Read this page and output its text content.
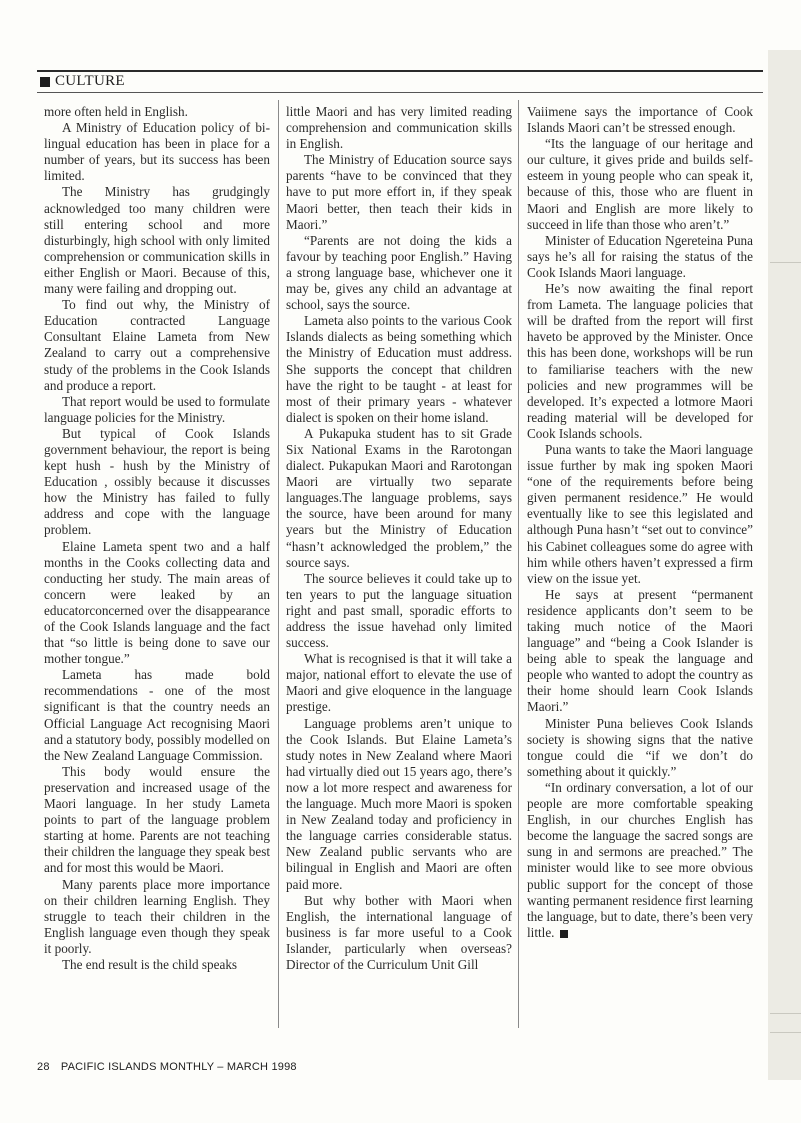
CULTURE

more often held in English.

A Ministry of Education policy of bi-lingual education has been in place for a number of years, but its success has been limited.

The Ministry has grudgingly acknowledged too many children were still entering school and more disturbingly, high school with only limited comprehension or communication skills in either English or Maori. Because of this, many were failing and dropping out.

To find out why, the Ministry of Education contracted Language Consultant Elaine Lameta from New Zealand to carry out a comprehensive study of the problems in the Cook Islands and produce a report.

That report would be used to formulate language policies for the Ministry.

But typical of Cook Islands government behaviour, the report is being kept hush - hush by the Ministry of Education , ossibly because it discusses how the Ministry has failed to fully address and cope with the language problem.

Elaine Lameta spent two and a half months in the Cooks collecting data and conducting her study. The main areas of concern were leaked by an educatorconcerned over the disappearance of the Cook Islands language and the fact that “so little is being done to save our mother tongue.”

Lameta has made bold recommendations - one of the most significant is that the country needs an Official Language Act recognising Maori and a statutory body, possibly modelled on the New Zealand Language Commission.

This body would ensure the preservation and increased usage of the Maori language. In her study Lameta points to part of the language problem starting at home. Parents are not teaching their children the language they speak best and for most this would be Maori.

Many parents place more importance on their children learning English. They struggle to teach their children in the English language even though they speak it poorly.

The end result is the child speaks

little Maori and has very limited reading comprehension and communication skills in English.

The Ministry of Education source says parents “have to be convinced that they have to put more effort in, if they speak Maori better, then teach their kids in Maori.”

“Parents are not doing the kids a favour by teaching poor English.” Having a strong language base, whichever one it may be, gives any child an advantage at school, says the source.

Lameta also points to the various Cook Islands dialects as being something which the Ministry of Education must address. She supports the concept that children have the right to be taught - at least for most of their primary years - whatever dialect is spoken on their home island.

A Pukapuka student has to sit Grade Six National Exams in the Rarotongan dialect. Pukapukan Maori and Rarotongan Maori are virtually two separate languages.The language problems, says the source, have been around for many years but the Ministry of Education “hasn’t acknowledged the problem,” the source says.

The source believes it could take up to ten years to put the language situation right and past small, sporadic efforts to address the issue havehad only limited success.

What is recognised is that it will take a major, national effort to elevate the use of Maori and give eloquence in the language prestige.

Language problems aren’t unique to the Cook Islands. But Elaine Lameta’s study notes in New Zealand where Maori had virtually died out 15 years ago, there’s now a lot more respect and awareness for the language. Much more Maori is spoken in New Zealand today and proficiency in the language carries considerable status. New Zealand public servants who are bilingual in English and Maori are often paid more.

But why bother with Maori when English, the international language of business is far more useful to a Cook Islander, particularly when overseas? Director of the Curriculum Unit Gill

Vaiimene says the importance of Cook Islands Maori can’t be stressed enough.

“Its the language of our heritage and our culture, it gives pride and builds self-esteem in young people who can speak it, because of this, those who are fluent in Maori and English are more likely to succeed in life than those who aren’t.”

Minister of Education Ngereteina Puna says he’s all for raising the status of the Cook Islands Maori language.

He’s now awaiting the final report from Lameta. The language policies that will be drafted from the report will first haveto be approved by the Minister. Once this has been done, workshops will be run to familiarise teachers with the new policies and new programmes will be developed. It’s expected a lotmore Maori reading material will be developed for Cook Islands schools.

Puna wants to take the Maori language issue further by mak ing spoken Maori “one of the requirements before being given permanent residence.” He would eventually like to see this legislated and although Puna hasn’t “set out to convince” his Cabinet colleagues some do agree with him while others haven’t expressed a firm view on the issue yet.

He says at present “permanent residence applicants don’t seem to be taking much notice of the Maori language” and “being a Cook Islander is being able to speak the language and people who wanted to adopt the country as their home should learn Cook Islands Maori.”

Minister Puna believes Cook Islands society is showing signs that the native tongue could die “if we don’t do something about it quickly.”

“In ordinary conversation, a lot of our people are more comfortable speaking English, in our churches English has become the language the sacred songs are sung in and sermons are preached.” The minister would like to see more obvious public support for the concept of those wanting permanent residence first learning the language, but to date, there’s been very little.

28 PACIFIC ISLANDS MONTHLY – MARCH 1998
